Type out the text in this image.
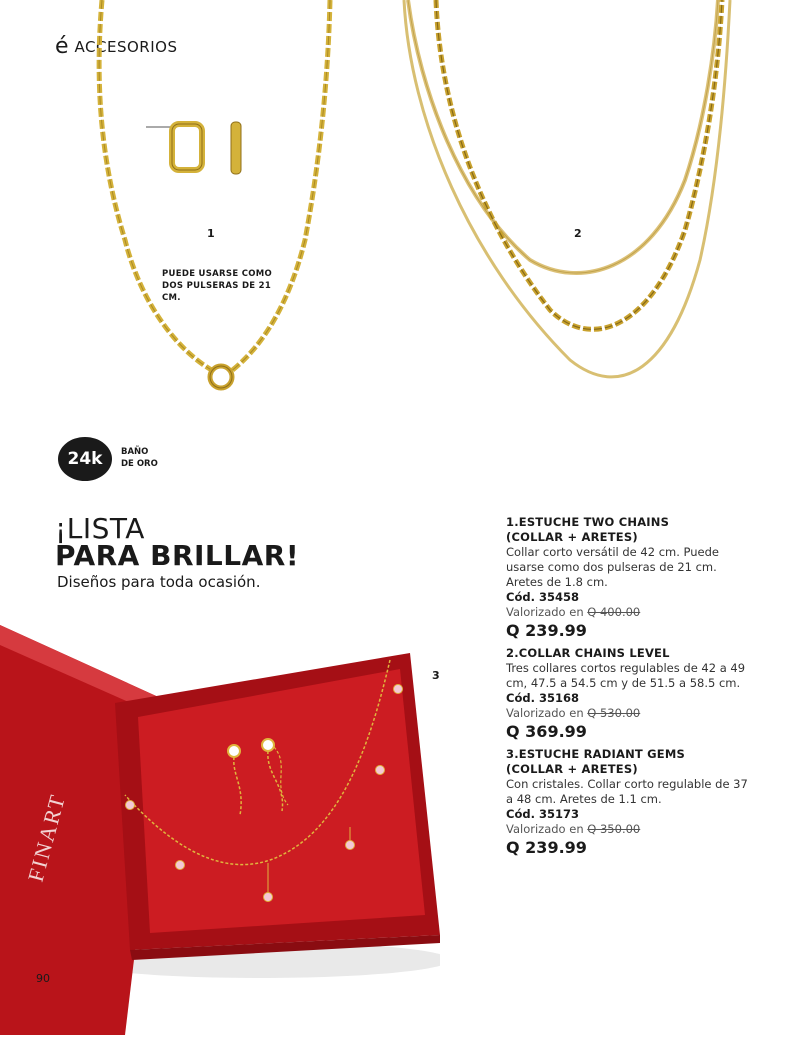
é ACCESORIOS
1
PUEDE USARSE COMO DOS PULSERAS DE 21 CM.
2
24k	BAÑO
DE ORO
¡LISTA
PARA BRILLAR!
Diseños para toda ocasión.
FINART
3
1.ESTUCHE TWO CHAINS
(COLLAR + ARETES)
Collar corto versátil de 42 cm. Puede usarse como dos pulseras de 21 cm. Aretes de 1.8 cm.
Cód. 35458
Valorizado en Q 400.00
Q 239.99
2.COLLAR CHAINS LEVEL
Tres collares cortos regulables de 42 a 49 cm, 47.5 a 54.5 cm y de 51.5 a 58.5 cm.
Cód. 35168
Valorizado en Q 530.00
Q 369.99
3.ESTUCHE RADIANT GEMS
(COLLAR + ARETES)
Con cristales. Collar corto regulable de 37 a 48 cm. Aretes de 1.1 cm.
Cód. 35173
Valorizado en Q 350.00
Q 239.99
90
